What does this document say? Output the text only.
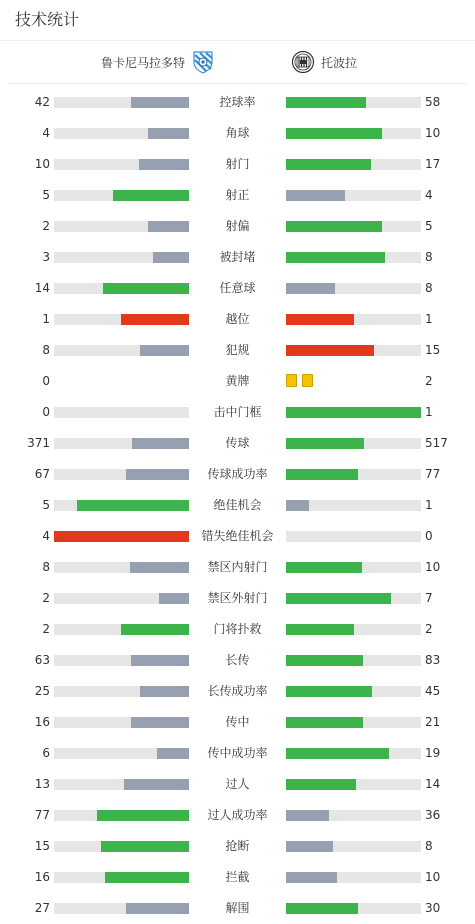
技术统计
鲁卡尼马拉多特	托波拉
42	控球率	58
4	角球	10
10	射门	17
5	射正	4
2	射偏	5
3	被封堵	8
14	任意球	8
1	越位	1
8	犯规	15
0	黄牌	2
0	击中门框	1
371	传球	517
67	传球成功率	77
5	绝佳机会	1
4	错失绝佳机会	0
8	禁区内射门	10
2	禁区外射门	7
2	门将扑救	2
63	长传	83
25	长传成功率	45
16	传中	21
6	传中成功率	19
13	过人	14
77	过人成功率	36
15	抢断	8
16	拦截	10
27	解围	30
